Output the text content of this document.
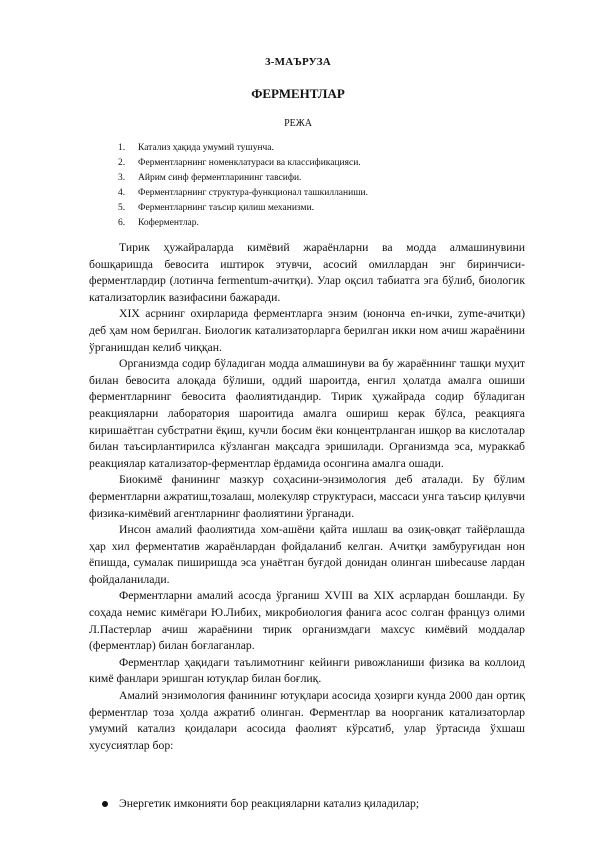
3-МАЪРУЗА
ФЕРМЕНТЛАР
РЕЖА
1. Катализ ҳақида умумий тушунча.
2. Ферментларнинг номенклатураси ва классификацияси.
3. Айрим синф ферментларининг тавсифи.
4. Ферментларнинг структура-функционал ташкилланиши.
5. Ферментларнинг таъсир қилиш механизми.
6. Коферментлар.

Тирик ҳужайраларда кимёвий жараёнларни ва модда алмашинувини бошқаришда бевосита иштирок этувчи, асосий омиллардан энг биринчиси- ферментлардир (лотинча fermentum-ачитқи). Улар оқсил табиатга эга бўлиб, биологик катализаторлик вазифасини бажаради.

XIX асрнинг охирларида ферментларга энзим (юнонча en-ички, zyme-ачитқи) деб ҳам ном берилган. Биологик катализаторларга берилган икки ном ачиш жараёнини ўрганишдан келиб чиққан.

Организмда содир бўладиган модда алмашинуви ва бу жараённинг ташқи муҳит билан бевосита алоқада бўлиши, оддий шароитда, енгил ҳолатда амалга ошиши ферментларнинг бевосита фаолиятидандир. Тирик ҳужайрада содир бўладиган реакцияларни лаборатория шароитида амалга ошириш керак бўлса, реакцияга киришаётган субстратни ёқиш, кучли босим ёки концентрланган ишқор ва кислоталар билан таъсирлантирилса кўзланган мақсадга эришилади. Организмда эса, мураккаб реакциялар катализатор-ферментлар ёрдамида осонгина амалга ошади.

Биокимё фанининг мазкур соҳасини-энзимология деб аталади. Бу бўлим ферментларни ажратиш,тозалаш, молекуляр структураси, массаси унга таъсир қилувчи физика-кимёвий агентларнинг фаолиятини ўрганади.

Инсон амалий фаолиятида хом-ашёни қайта ишлаш ва озиқ-овқат тайёрлашда ҳар хил ферментатив жараёнлардан фойдаланиб келган. Ачитқи замбуруғидан нон ёпишда, сумалак пиширишда эса унаётган буғдой донидан олинган шиbecause лардан фойдаланилади.

Ферментларни амалий асосда ўрганиш XVIII ва XIX асрлардан бошланди. Бу соҳада немис кимёгари Ю.Либих, микробиология фанига асос солган француз олими Л.Пастерлар ачиш жараёнини тирик организмдаги махсус кимёвий моддалар (ферментлар) билан боғлаганлар.

Ферментлар ҳақидаги таълимотнинг кейинги ривожланиши физика ва коллоид кимё фанлари эришган ютуқлар билан боғлиқ.

Амалий энзимология фанининг ютуқлари асосида ҳозирги кунда 2000 дан ортиқ ферментлар тоза ҳолда ажратиб олинган. Ферментлар ва ноорганик катализаторлар умумий катализ қоидалари асосида фаолият кўрсатиб, улар ўртасида ўхшаш хусусиятлар бор:

Энергетик имконияти бор реакцияларни катализ қиладилар;
